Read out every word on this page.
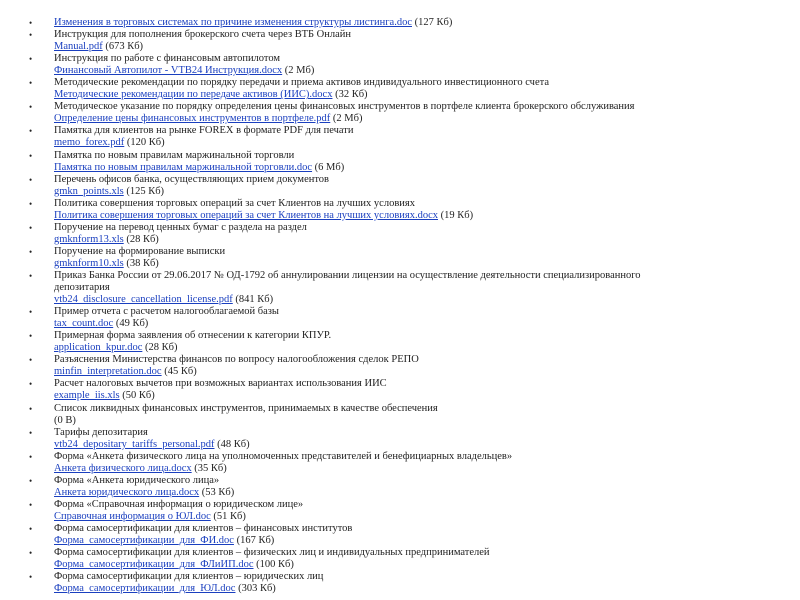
• Изменения в торговых системах по причине изменения структуры листинга.doc (127 Кб)
• Инструкция для пополнения брокерского счета через ВТБ Онлайн
Manual.pdf (673 Кб)
• Инструкция по работе с финансовым автопилотом
Финансовый Автопилот - VTB24 Инструкция.docx (2 Мб)
• Методические рекомендации по порядку передачи и приема активов индивидуального инвестиционного счета
Методические рекомендации по передаче активов (ИИС).docx (32 Кб)
• Методическое указание по порядку определения цены финансовых инструментов в портфеле клиента брокерского обслуживания
Определение цены финансовых инструментов в портфеле.pdf (2 Мб)
• Памятка для клиентов на рынке FOREX в формате PDF для печати
memo_forex.pdf (120 Кб)
• Памятка по новым правилам маржинальной торговли
Памятка по новым правилам маржинальной торговли.doc (6 Мб)
• Перечень офисов банка, осуществляющих прием документов
gmkn_points.xls (125 Кб)
• Политика совершения торговых операций за счет Клиентов на лучших условиях
Политика совершения торговых операций за счет Клиентов на лучших условиях.docx (19 Кб)
• Поручение на перевод ценных бумаг с раздела на раздел
gmknform13.xls (28 Кб)
• Поручение на формирование выписки
gmknform10.xls (38 Кб)
• Приказ Банка России от 29.06.2017 № ОД-1792 об аннулировании лицензии на осуществление деятельности специализированного
депозитария
vtb24_disclosure_cancellation_license.pdf (841 Кб)
• Пример отчета с расчетом налогооблагаемой базы
tax_count.doc (49 Кб)
• Примерная форма заявления об отнесении к категории КПУР.
application_kpur.doc (28 Кб)
• Разъяснения Министерства финансов по вопросу налогообложения сделок РЕПО
minfin_interpretation.doc (45 Кб)
• Расчет налоговых вычетов при возможных вариантах использования ИИС
example_iis.xls (50 Кб)
• Список ликвидных финансовых инструментов, принимаемых в качестве обеспечения
(0 B)
• Тарифы депозитария
vtb24_depositary_tariffs_personal.pdf (48 Кб)
• Форма «Анкета физического лица на уполномоченных представителей и бенефициарных владельцев»
Анкета физического лица.docx (35 Кб)
• Форма «Анкета юридического лица»
Анкета юридического лица.docx (53 Кб)
• Форма «Справочная информация о юридическом лице»
Справочная информация о ЮЛ.doc (51 Кб)
• Форма самосертификации для клиентов – финансовых институтов
Форма_самосертификации_для_ФИ.doc (167 Кб)
• Форма самосертификации для клиентов – физических лиц и индивидуальных предпринимателей
Форма_самосертификации_для_ФЛиИП.doc (100 Кб)
• Форма самосертификации для клиентов – юридических лиц
Форма_самосертификации_для_ЮЛ.doc (303 Кб)
